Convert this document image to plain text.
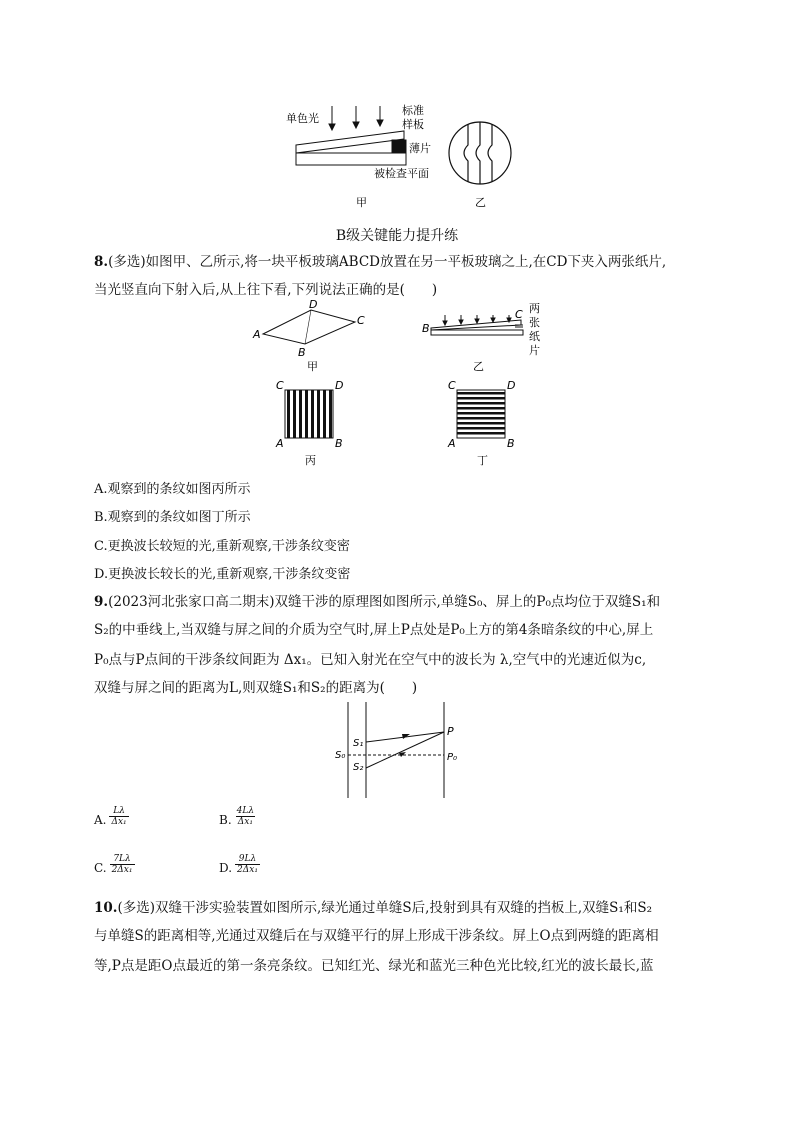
单色光
标准
样板
薄片
被检查平面
甲	乙
B级关键能力提升练
8.(多选)如图甲、乙所示,将一块平板玻璃ABCD放置在另一平板玻璃之上,在CD下夹入两张纸片,
当光竖直向下射入后,从上往下看,下列说法正确的是(　　)
A
D
C
B
甲
B
C 两
张
纸
片
乙
C	D
A	B
丙
C	D
A	B
丁
A.观察到的条纹如图丙所示
B.观察到的条纹如图丁所示
C.更换波长较短的光,重新观察,干涉条纹变密
D.更换波长较长的光,重新观察,干涉条纹变密
9.(2023河北张家口高二期末)双缝干涉的原理图如图所示,单缝S₀、屏上的P₀点均位于双缝S₁和
S₂的中垂线上,当双缝与屏之间的介质为空气时,屏上P点处是P₀上方的第4条暗条纹的中心,屏上
P₀点与P点间的干涉条纹间距为 Δx₁。已知入射光在空气中的波长为 λ,空气中的光速近似为c,
双缝与屏之间的距离为L,则双缝S₁和S₂的距离为(　　)
S₁
S₂
S₀
P
P₀
A. $\frac{L\lambda}{\text{Δx₁}}$	B. $\frac{4L\lambda}{\text{Δx₁}}$
C. $\frac{7L\lambda}{\text{2Δx₁}}$	D. $\frac{9L\lambda}{\text{2Δx₁}}$
10.(多选)双缝干涉实验装置如图所示,绿光通过单缝S后,投射到具有双缝的挡板上,双缝S₁和S₂
与单缝S的距离相等,光通过双缝后在与双缝平行的屏上形成干涉条纹。屏上O点到两缝的距离相
等,P点是距O点最近的第一条亮条纹。已知红光、绿光和蓝光三种色光比较,红光的波长最长,蓝
